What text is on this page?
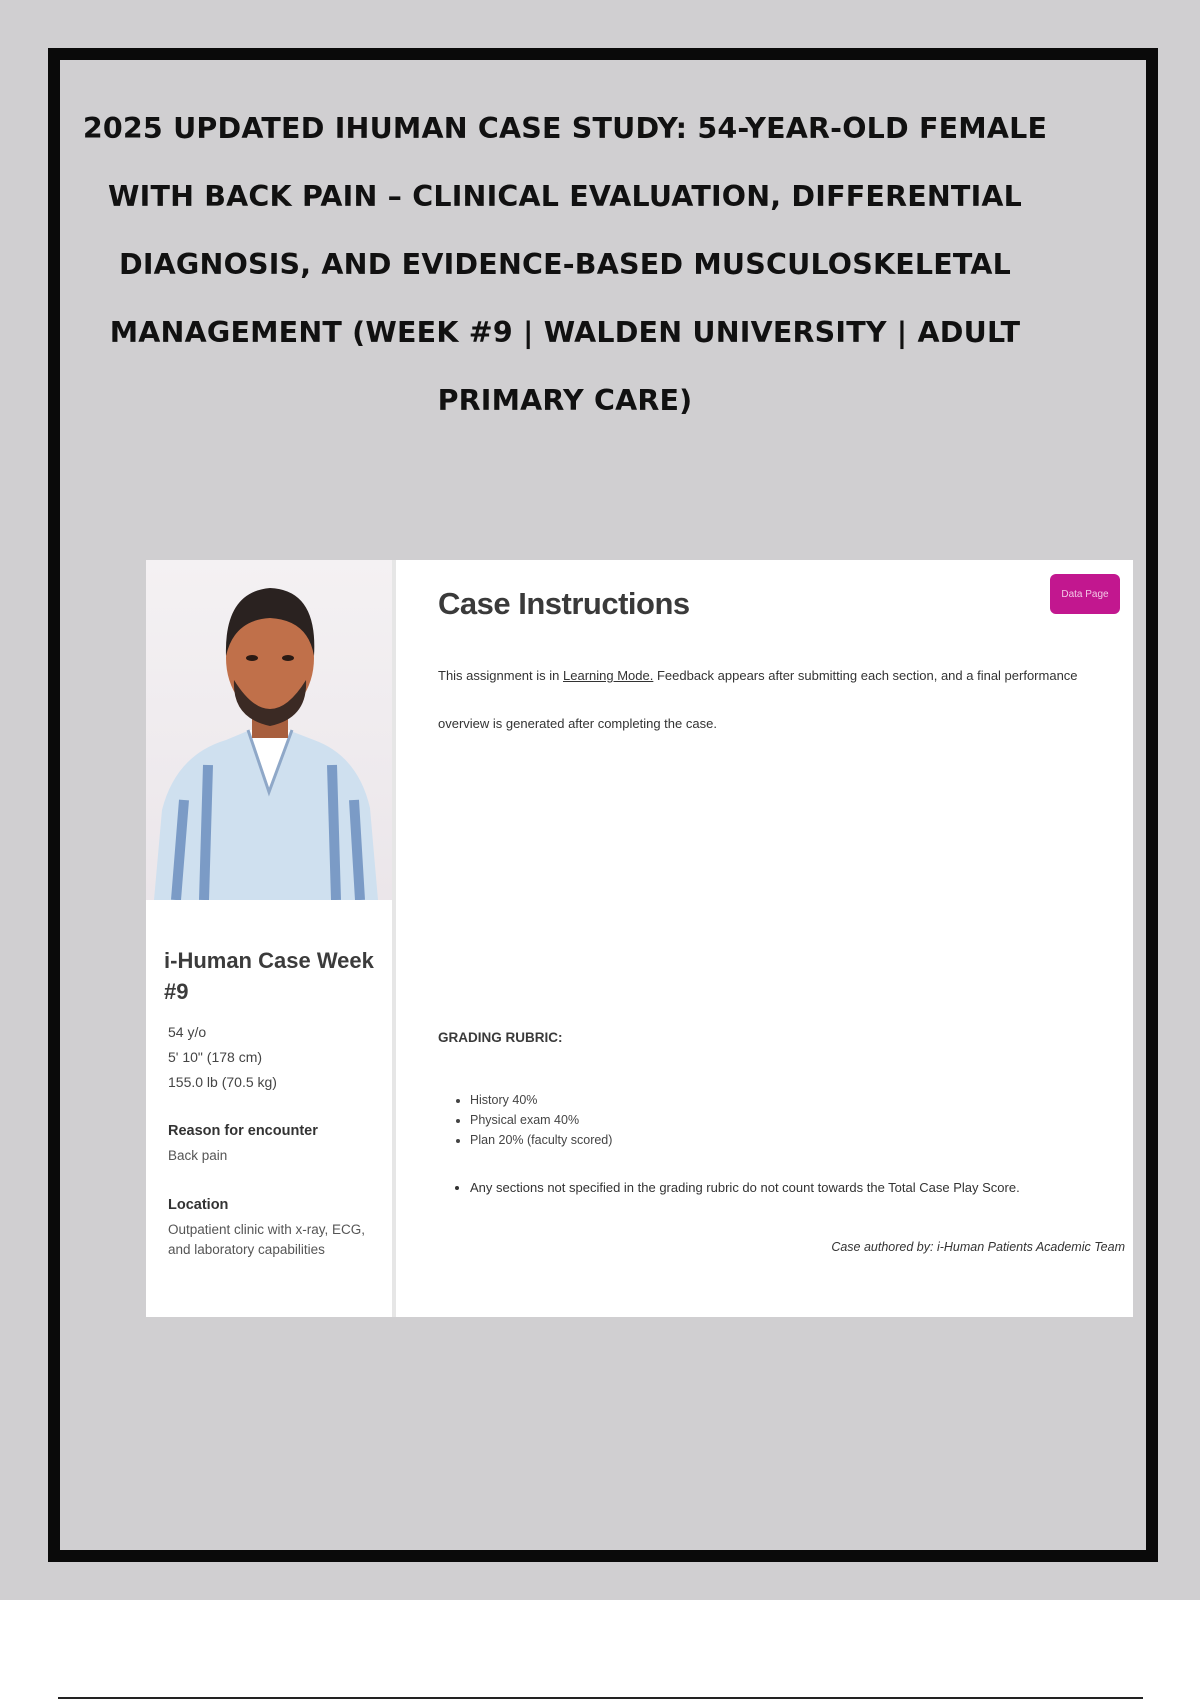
2025 UPDATED IHUMAN CASE STUDY: 54-YEAR-OLD FEMALE WITH BACK PAIN – CLINICAL EVALUATION, DIFFERENTIAL DIAGNOSIS, AND EVIDENCE-BASED MUSCULOSKELETAL MANAGEMENT (WEEK #9 | WALDEN UNIVERSITY | ADULT PRIMARY CARE)
i-Human Case Week #9
54 y/o
5' 10" (178 cm)
155.0 lb (70.5 kg)
Reason for encounter
Back pain
Location
Outpatient clinic with x-ray, ECG, and laboratory capabilities
Case Instructions	Data Page

This assignment is in Learning Mode. Feedback appears after submitting each section, and a final performance overview is generated after completing the case.

GRADING RUBRIC:
• History 40%
• Physical exam 40%
• Plan 20% (faculty scored)
• Any sections not specified in the grading rubric do not count towards the Total Case Play Score.
Case authored by: i-Human Patients Academic Team
